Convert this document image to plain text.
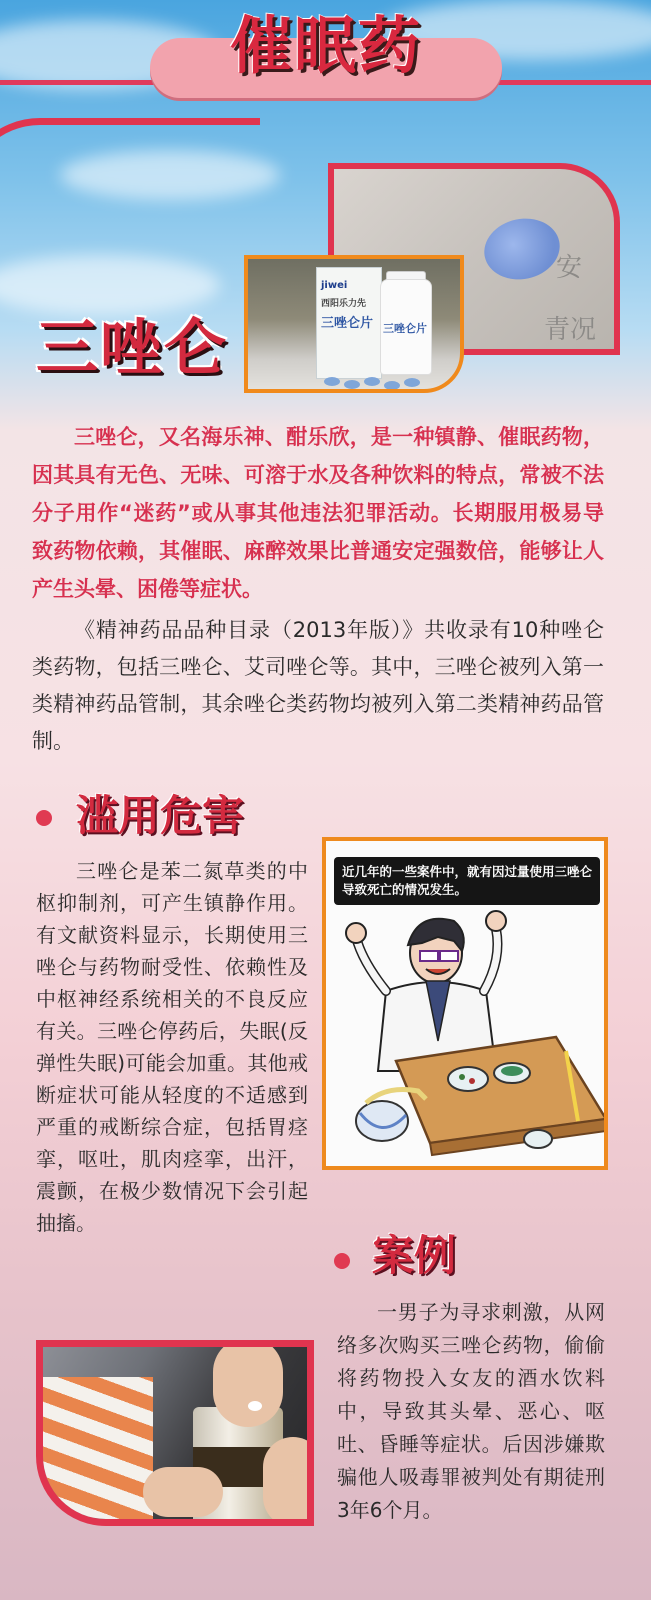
催眠药
安
青况
jiwei
西阳乐力先
三唑仑片 三唑仑片
三唑仑

三唑仑，又名海乐神、酣乐欣，是一种镇静、催眠药物，因其具有无色、无味、可溶于水及各种饮料的特点，常被不法分子用作“迷药”或从事其他违法犯罪活动。长期服用极易导致药物依赖，其催眠、麻醉效果比普通安定强数倍，能够让人产生头晕、困倦等症状。

《精神药品品种目录（2013年版）》共收录有10种唑仑类药物，包括三唑仑、艾司唑仑等。其中，三唑仑被列入第一类精神药品管制，其余唑仑类药物均被列入第二类精神药品管制。

滥用危害

三唑仑是苯二氮草类的中枢抑制剂，可产生镇静作用。有文献资料显示，长期使用三唑仑与药物耐受性、依赖性及中枢神经系统相关的不良反应有关。三唑仑停药后，失眠(反弹性失眠)可能会加重。其他戒断症状可能从轻度的不适感到严重的戒断综合症，包括胃痉挛，呕吐，肌肉痉挛，出汗，震颤，在极少数情况下会引起抽搐。

近几年的一些案件中，就有因过量使用三唑仑导致死亡的情况发生。
案例

一男子为寻求刺激，从网络多次购买三唑仑药物，偷偷将药物投入女友的酒水饮料中，导致其头晕、恶心、呕吐、昏睡等症状。后因涉嫌欺骗他人吸毒罪被判处有期徒刑3年6个月。
